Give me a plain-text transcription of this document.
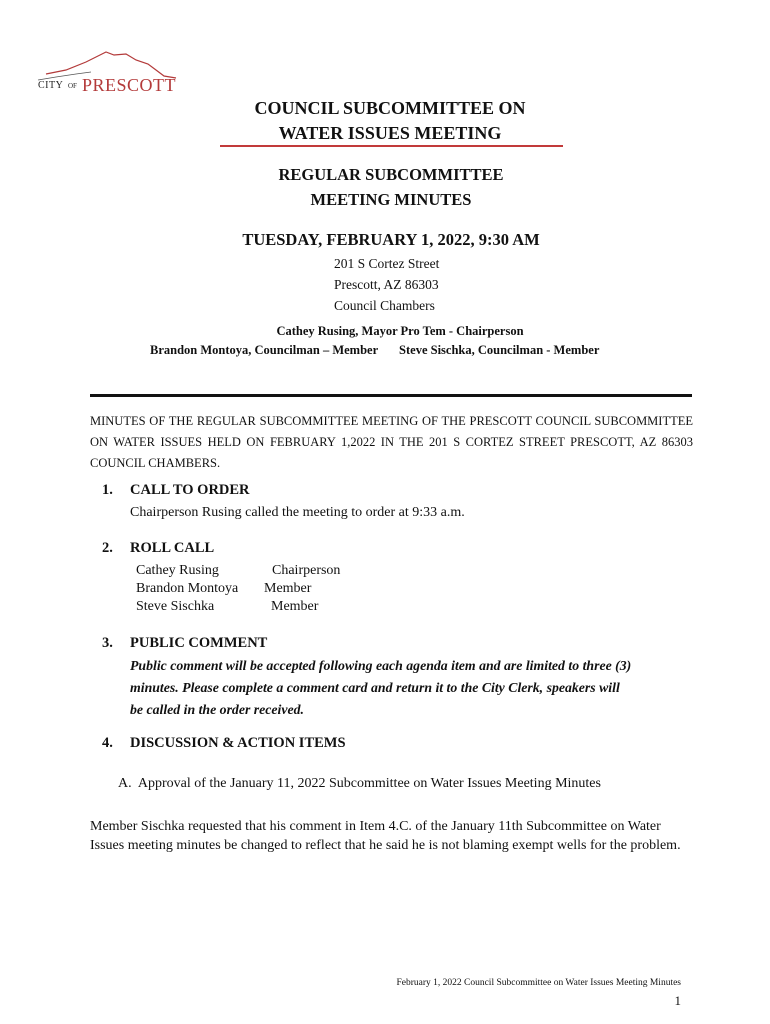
CITY OF PRESCOTT
COUNCIL SUBCOMMITTEE ON
WATER ISSUES MEETING
REGULAR SUBCOMMITTEE
MEETING MINUTES
TUESDAY, FEBRUARY 1, 2022, 9:30 AM
201 S Cortez Street
Prescott, AZ 86303
Council Chambers
Cathey Rusing, Mayor Pro Tem - Chairperson
Brandon Montoya, Councilman – Member Steve Sischka, Councilman - Member
MINUTES OF THE REGULAR SUBCOMMITTEE MEETING OF THE PRESCOTT COUNCIL SUBCOMMITTEE ON WATER ISSUES HELD ON FEBRUARY 1,2022 IN THE 201 S CORTEZ STREET PRESCOTT, AZ 86303 COUNCIL CHAMBERS.
1. CALL TO ORDER
Chairperson Rusing called the meeting to order at 9:33 a.m.
2. ROLL CALL
Cathey Rusing	Chairperson
Brandon Montoya Member
Steve Sischka	Member
3. PUBLIC COMMENT
Public comment will be accepted following each agenda item and are limited to three (3)
minutes. Please complete a comment card and return it to the City Clerk, speakers will
be called in the order received.
4. DISCUSSION & ACTION ITEMS
A.  Approval of the January 11, 2022 Subcommittee on Water Issues Meeting Minutes
Member Sischka requested that his comment in Item 4.C. of the January 11th Subcommittee on Water Issues meeting minutes be changed to reflect that he said he is not blaming exempt wells for the problem.
February 1, 2022 Council Subcommittee on Water Issues Meeting Minutes
1
